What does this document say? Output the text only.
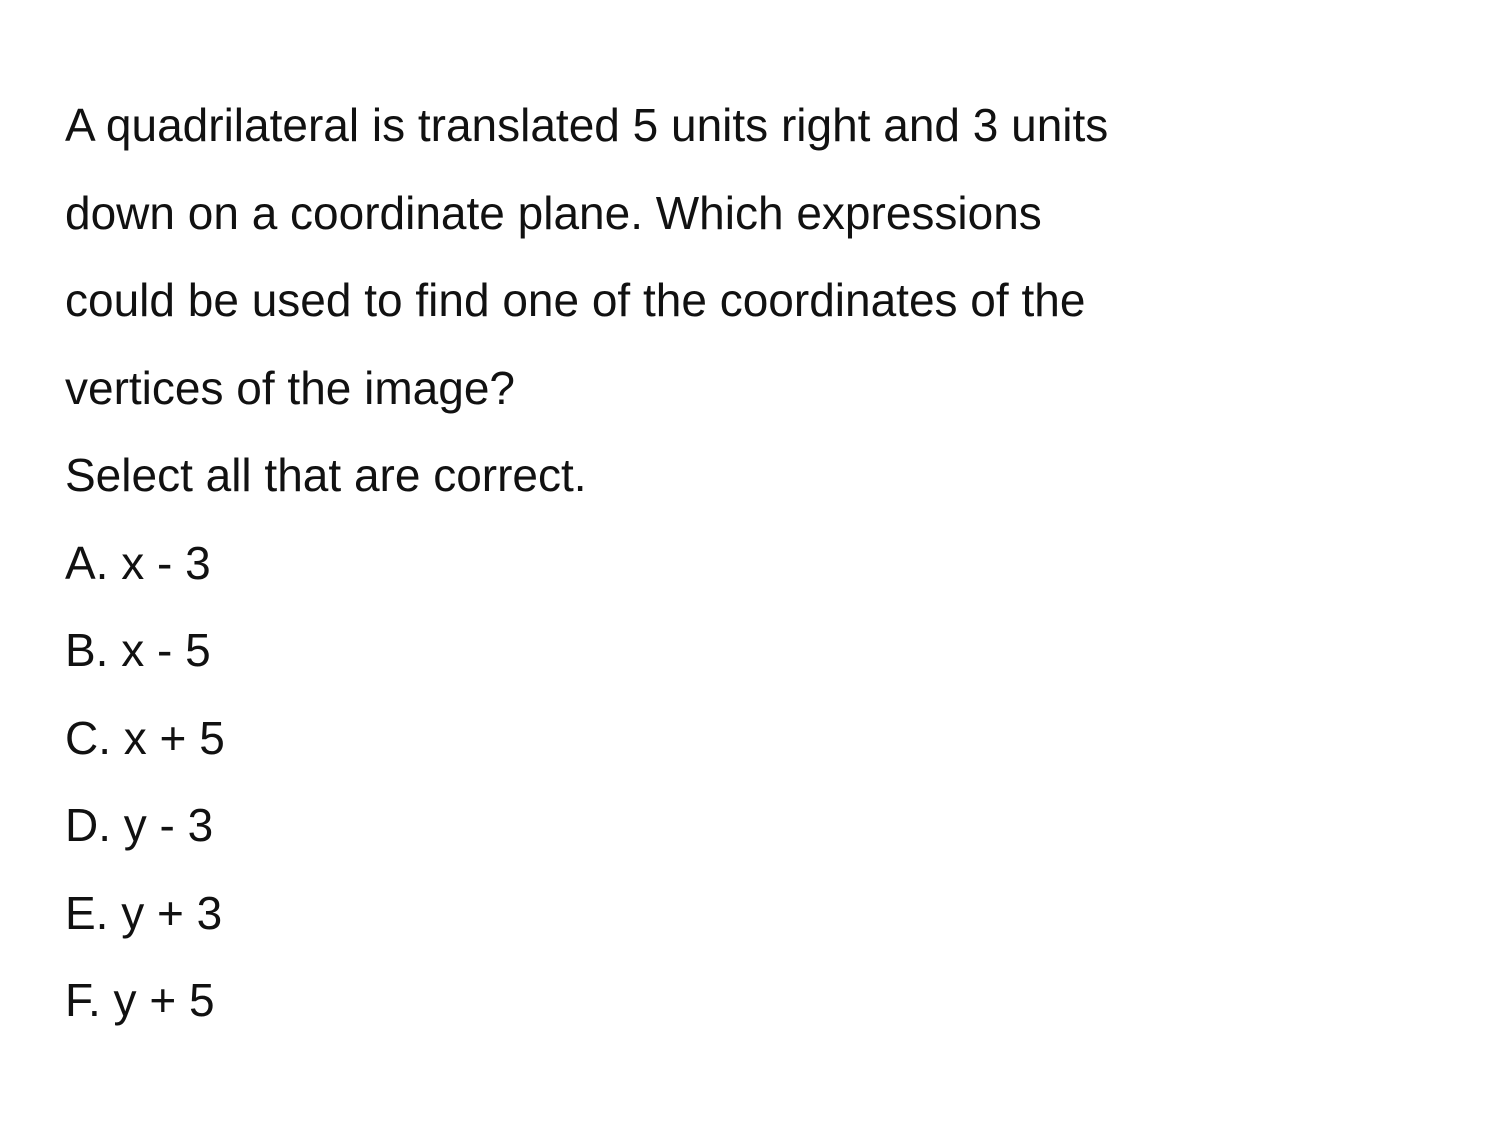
A quadrilateral is translated 5 units right and 3 units

down on a coordinate plane. Which expressions

could be used to find one of the coordinates of the

vertices of the image?

Select all that are correct.

A. x - 3

B. x - 5

C. x + 5

D. y - 3

E. y + 3

F. y + 5
